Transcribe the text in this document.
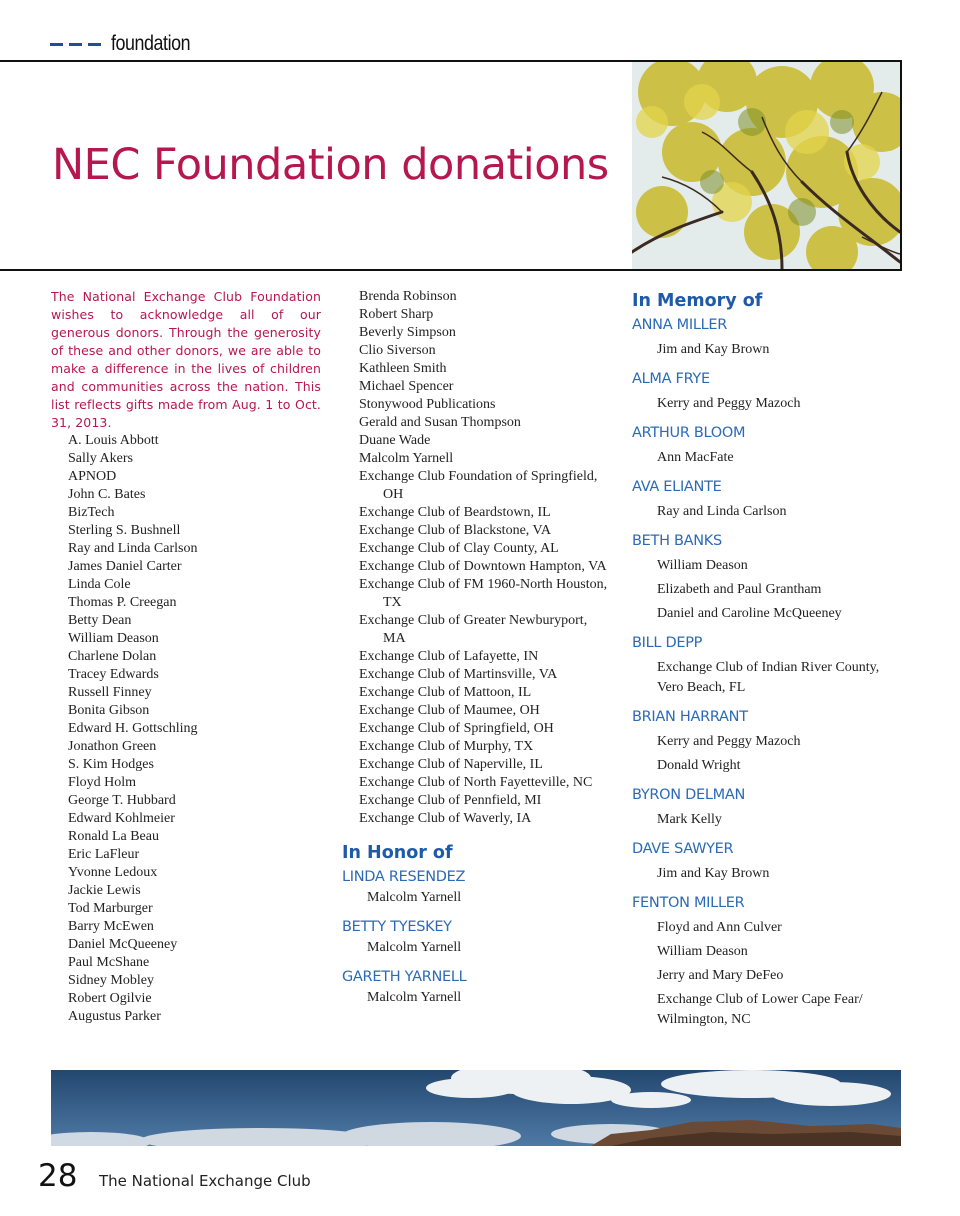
foundation
NEC Foundation donations

The National Exchange Club Foundation wishes to acknowledge all of our generous donors. Through the generosity of these and other donors, we are able to make a difference in the lives of children and communities across the nation. This list reflects gifts made from Aug. 1 to Oct. 31, 2013.

A. Louis Abbott
Sally Akers
APNOD
John C. Bates
BizTech
Sterling S. Bushnell
Ray and Linda Carlson
James Daniel Carter
Linda Cole
Thomas P. Creegan
Betty Dean
William Deason
Charlene Dolan
Tracey Edwards
Russell Finney
Bonita Gibson
Edward H. Gottschling
Jonathon Green
S. Kim Hodges
Floyd Holm
George T. Hubbard
Edward Kohlmeier
Ronald La Beau
Eric LaFleur
Yvonne Ledoux
Jackie Lewis
Tod Marburger
Barry McEwen
Daniel McQueeney
Paul McShane
Sidney Mobley
Robert Ogilvie
Augustus Parker
Brenda Robinson
Robert Sharp
Beverly Simpson
Clio Siverson
Kathleen Smith
Michael Spencer
Stonywood Publications
Gerald and Susan Thompson
Duane Wade
Malcolm Yarnell
Exchange Club Foundation of Springfield, OH
Exchange Club of Beardstown, IL
Exchange Club of Blackstone, VA
Exchange Club of Clay County, AL
Exchange Club of Downtown Hampton, VA
Exchange Club of FM 1960-North Houston, TX
Exchange Club of Greater Newburyport, MA
Exchange Club of Lafayette, IN
Exchange Club of Martinsville, VA
Exchange Club of Mattoon, IL
Exchange Club of Maumee, OH
Exchange Club of Springfield, OH
Exchange Club of Murphy, TX
Exchange Club of Naperville, IL
Exchange Club of North Fayetteville, NC
Exchange Club of Pennfield, MI
Exchange Club of Waverly, IA
In Honor of
LINDA RESENDEZ

Malcolm Yarnell

BETTY TYESKEY

Malcolm Yarnell

GARETH YARNELL

Malcolm Yarnell

In Memory of
ANNA MILLER

Jim and Kay Brown

ALMA FRYE

Kerry and Peggy Mazoch

ARTHUR BLOOM

Ann MacFate

AVA ELIANTE

Ray and Linda Carlson

BETH BANKS

William Deason

Elizabeth and Paul Grantham

Daniel and Caroline McQueeney

BILL DEPP

Exchange Club of Indian River County, Vero Beach, FL

BRIAN HARRANT

Kerry and Peggy Mazoch

Donald Wright

BYRON DELMAN

Mark Kelly

DAVE SAWYER

Jim and Kay Brown

FENTON MILLER

Floyd and Ann Culver

William Deason

Jerry and Mary DeFeo

Exchange Club of Lower Cape Fear/ Wilmington, NC

28 The National Exchange Club
